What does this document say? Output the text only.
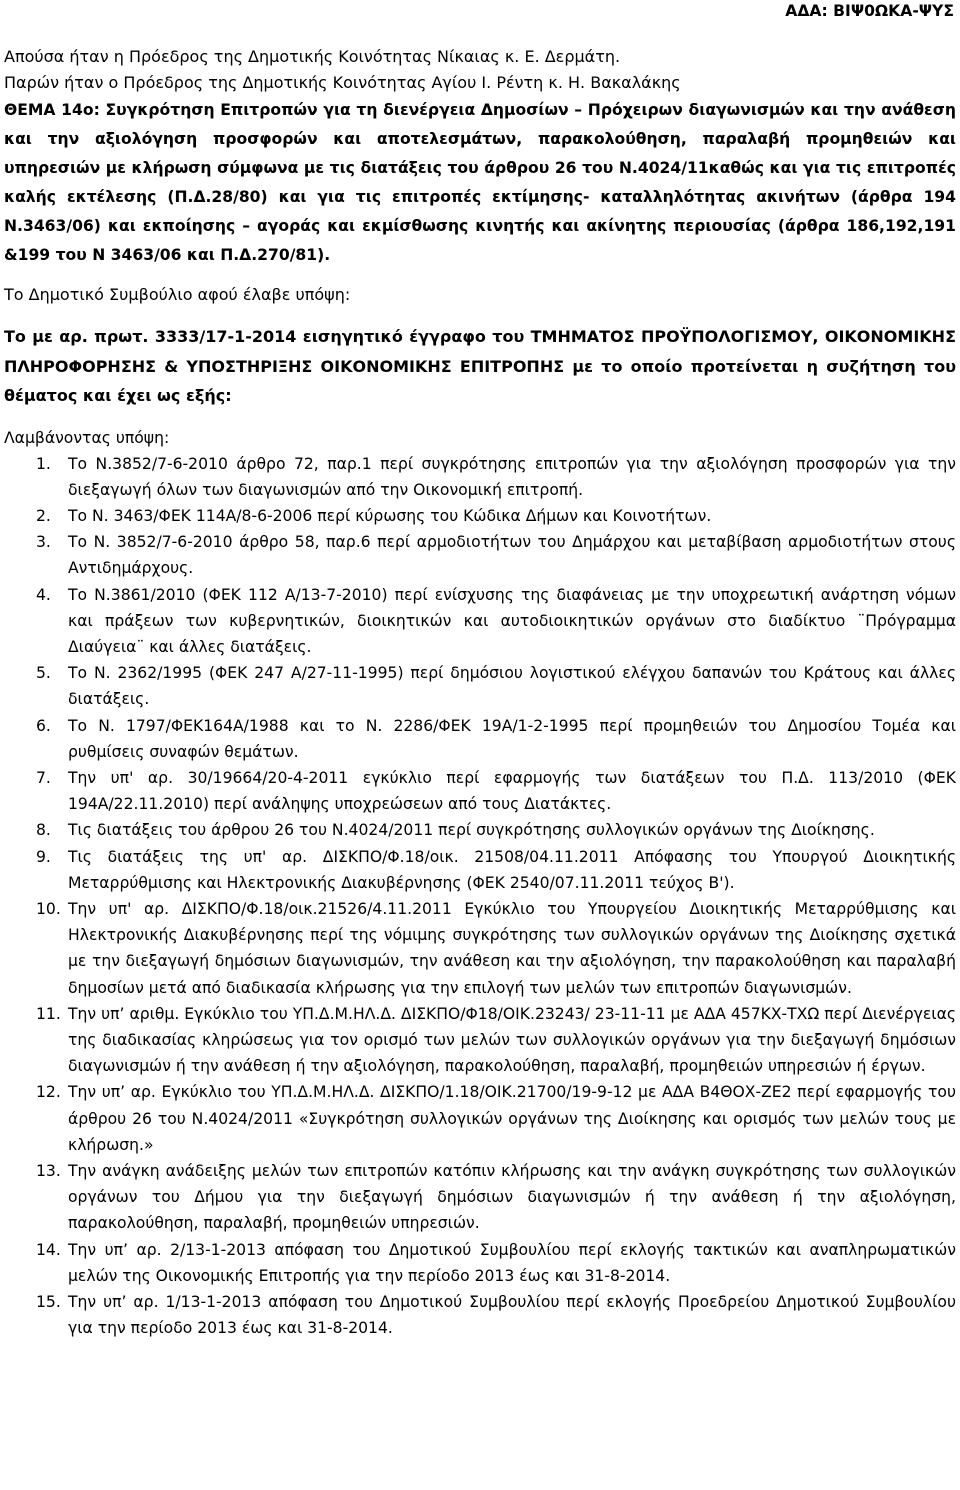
ΑΔΑ: ΒΙΨ0ΩΚΑ-ΨΥΣ

Απούσα ήταν η Πρόεδρος της Δημοτικής Κοινότητας Νίκαιας κ. Ε. Δερμάτη.

Παρών ήταν ο Πρόεδρος της Δημοτικής Κοινότητας Αγίου Ι. Ρέντη κ. Η. Βακαλάκης

ΘΕΜΑ 14ο: Συγκρότηση Επιτροπών για τη διενέργεια Δημοσίων – Πρόχειρων διαγωνισμών και την ανάθεση και την αξιολόγηση προσφορών και αποτελεσμάτων, παρακολούθηση, παραλαβή προμηθειών και υπηρεσιών με κλήρωση σύμφωνα με τις διατάξεις του άρθρου 26 του Ν.4024/11καθώς και για τις επιτροπές καλής εκτέλεσης (Π.Δ.28/80) και για τις επιτροπές εκτίμησης- καταλληλότητας ακινήτων (άρθρα 194 Ν.3463/06) και εκποίησης – αγοράς και εκμίσθωσης κινητής και ακίνητης περιουσίας (άρθρα 186,192,191 &199 του Ν 3463/06 και Π.Δ.270/81).

Το Δημοτικό Συμβούλιο αφού έλαβε υπόψη:
Το με αρ. πρωτ. 3333/17-1-2014 εισηγητικό έγγραφο του ΤΜΗΜΑΤΟΣ ΠΡΟΫΠΟΛΟΓΙΣΜΟΥ, ΟΙΚΟΝΟΜΙΚΗΣ ΠΛΗΡΟΦΟΡΗΣΗΣ & ΥΠΟΣΤΗΡΙΞΗΣ ΟΙΚΟΝΟΜΙΚΗΣ ΕΠΙΤΡΟΠΗΣ με το οποίο προτείνεται η συζήτηση του θέματος και έχει ως εξής:
Λαμβάνοντας υπόψη:
1.	Το Ν.3852/7-6-2010 άρθρο 72, παρ.1 περί συγκρότησης επιτροπών για την αξιολόγηση προσφορών για την διεξαγωγή όλων των διαγωνισμών από την Οικονομική επιτροπή.
2.	Το Ν. 3463/ΦΕΚ 114Α/8-6-2006 περί κύρωσης του Κώδικα Δήμων και Κοινοτήτων.
3.	Το Ν. 3852/7-6-2010 άρθρο 58, παρ.6 περί αρμοδιοτήτων του Δημάρχου και μεταβίβαση αρμοδιοτήτων στους Αντιδημάρχους.
4.	Το Ν.3861/2010 (ΦΕΚ 112 Α/13-7-2010) περί ενίσχυσης της διαφάνειας με την υποχρεωτική ανάρτηση νόμων και πράξεων των κυβερνητικών, διοικητικών και αυτοδιοικητικών οργάνων στο διαδίκτυο ¨Πρόγραμμα Διαύγεια¨ και άλλες διατάξεις.
5.	Το Ν. 2362/1995 (ΦΕΚ 247 Α/27-11-1995) περί δημόσιου λογιστικού ελέγχου δαπανών του Κράτους και άλλες διατάξεις.
6.	Το Ν. 1797/ΦΕΚ164Α/1988 και το Ν. 2286/ΦΕΚ 19Α/1-2-1995 περί προμηθειών του Δημοσίου Τομέα και ρυθμίσεις συναφών θεμάτων.
7.	Την υπ' αρ. 30/19664/20-4-2011 εγκύκλιο περί εφαρμογής των διατάξεων του Π.Δ. 113/2010 (ΦΕΚ 194Α/22.11.2010) περί ανάληψης υποχρεώσεων από τους Διατάκτες.
8.	Τις διατάξεις του άρθρου 26 του Ν.4024/2011 περί συγκρότησης συλλογικών οργάνων της Διοίκησης.
9.	Τις διατάξεις της υπ' αρ. ΔΙΣΚΠΟ/Φ.18/οικ. 21508/04.11.2011 Απόφασης του Υπουργού Διοικητικής Μεταρρύθμισης και Ηλεκτρονικής Διακυβέρνησης (ΦΕΚ 2540/07.11.2011 τεύχος Β').
10. Την υπ' αρ. ΔΙΣΚΠΟ/Φ.18/οικ.21526/4.11.2011 Εγκύκλιο του Υπουργείου Διοικητικής Μεταρρύθμισης και Ηλεκτρονικής Διακυβέρνησης περί της νόμιμης συγκρότησης των συλλογικών οργάνων της Διοίκησης σχετικά με την διεξαγωγή δημόσιων διαγωνισμών, την ανάθεση και την αξιολόγηση, την παρακολούθηση και παραλαβή δημοσίων μετά από διαδικασία κλήρωσης για την επιλογή των μελών των επιτροπών διαγωνισμών.
11. Την υπ’ αριθμ. Εγκύκλιο του ΥΠ.Δ.Μ.ΗΛ.Δ. ΔΙΣΚΠΟ/Φ18/ΟΙΚ.23243/ 23-11-11 με ΑΔΑ 457ΚΧ-ΤΧΩ περί Διενέργειας της διαδικασίας κληρώσεως για τον ορισμό των μελών των συλλογικών οργάνων για την διεξαγωγή δημόσιων διαγωνισμών ή την ανάθεση ή την αξιολόγηση, παρακολούθηση, παραλαβή, προμηθειών υπηρεσιών ή έργων.
12. Την υπ’ αρ. Εγκύκλιο του ΥΠ.Δ.Μ.ΗΛ.Δ. ΔΙΣΚΠΟ/1.18/ΟΙΚ.21700/19-9-12 με ΑΔΑ Β4ΘΟΧ-ΖΕ2 περί εφαρμογής του άρθρου 26 του Ν.4024/2011 «Συγκρότηση συλλογικών οργάνων της Διοίκησης και ορισμός των μελών τους με κλήρωση.»
13. Την ανάγκη ανάδειξης μελών των επιτροπών κατόπιν κλήρωσης και την ανάγκη συγκρότησης των συλλογικών οργάνων του Δήμου για την διεξαγωγή δημόσιων διαγωνισμών ή την ανάθεση ή την αξιολόγηση, παρακολούθηση, παραλαβή, προμηθειών υπηρεσιών.
14. Την υπ’ αρ. 2/13-1-2013 απόφαση του Δημοτικού Συμβουλίου περί εκλογής τακτικών και αναπληρωματικών μελών της Οικονομικής Επιτροπής για την περίοδο 2013 έως και 31-8-2014.
15. Την υπ’ αρ. 1/13-1-2013 απόφαση του Δημοτικού Συμβουλίου περί εκλογής Προεδρείου Δημοτικού Συμβουλίου για την περίοδο 2013 έως και 31-8-2014.
